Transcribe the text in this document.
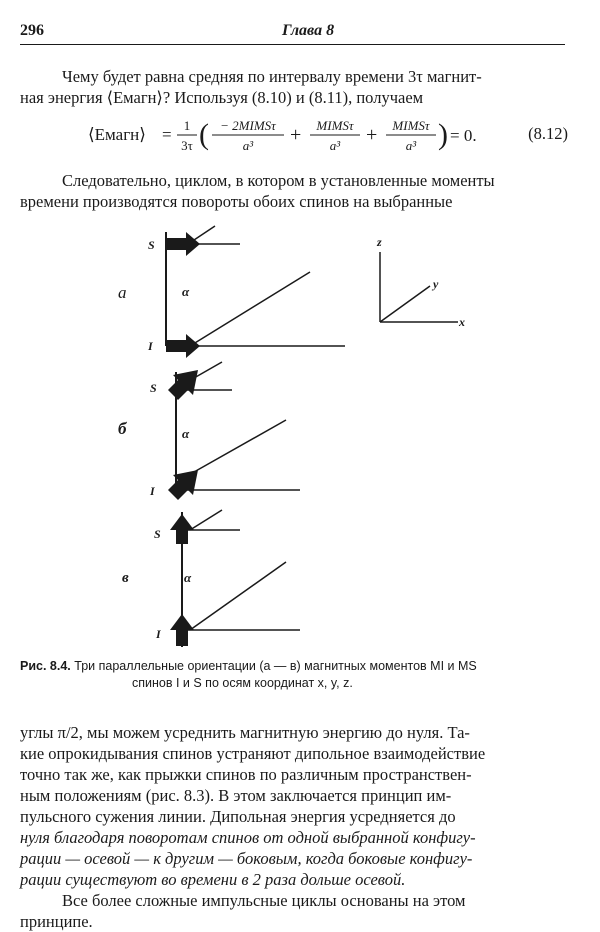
296	Глава 8

Чему будет равна средняя по интервалу времени 3τ магнит-
ная энергия ⟨Eмагн⟩? Используя (8.10) и (8.11), получаем

⟨Eмагн⟩ = 1
3τ ( − 2MIMSτ
a³ + MIMSτ
a³ + MIMSτ
a³ ) = 0.	(8.12)

Следовательно, циклом, в котором в установленные моменты
времени производятся повороты обоих спинов на выбранные

а
S
I
α
z
y
x
б
S
I
α
в
S
I
α

Рис. 8.4. Три параллельные ориентации (а — в) магнитных моментов MI и MS
спинов I и S по осям координат x, y, z.

углы π/2, мы можем усреднить магнитную энергию до нуля. Та-
кие опрокидывания спинов устраняют дипольное взаимодействие
точно так же, как прыжки спинов по различным пространствен-
ным положениям (рис. 8.3). В этом заключается принцип им-
пульсного сужения линии. Дипольная энергия усредняется до
нуля благодаря поворотам спинов от одной выбранной конфигу-
рации — осевой — к другим — боковым, когда боковые конфигу-
рации существуют во времени в 2 раза дольше осевой.

Все более сложные импульсные циклы основаны на этом
принципе.
